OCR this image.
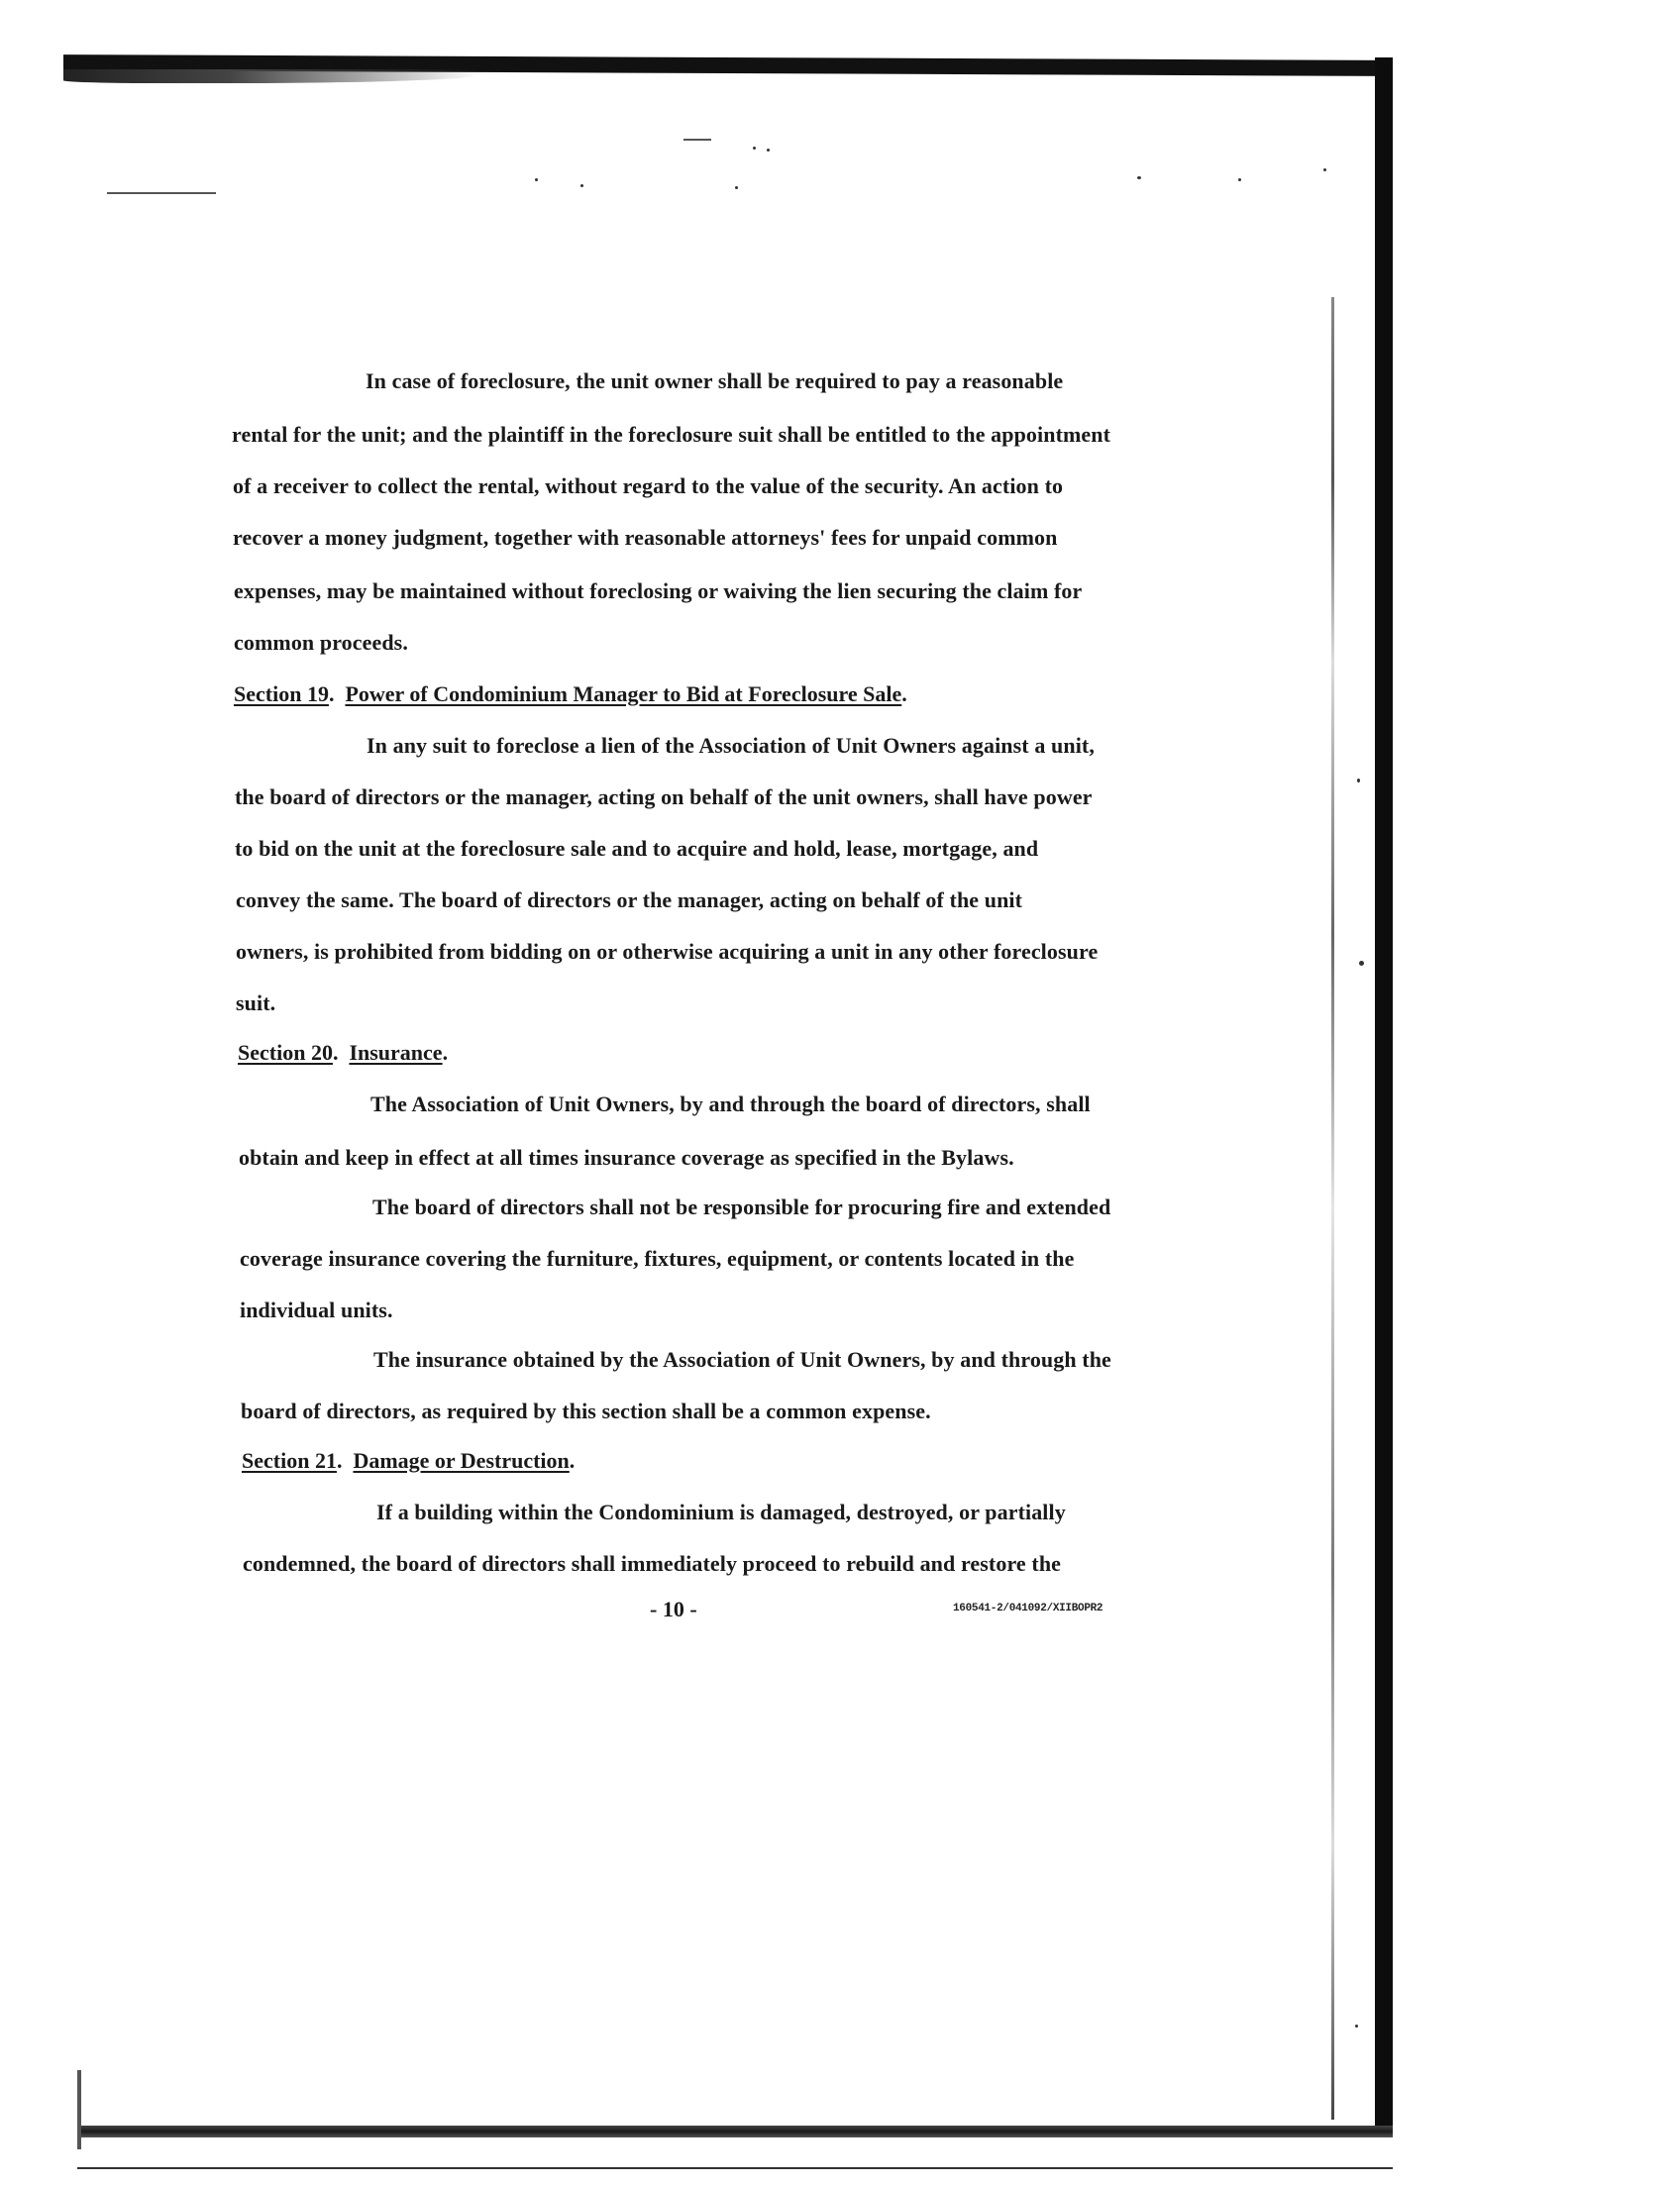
In case of foreclosure, the unit owner shall be required to pay a reasonable
rental for the unit; and the plaintiff in the foreclosure suit shall be entitled to the appointment
of a receiver to collect the rental, without regard to the value of the security. An action to
recover a money judgment, together with reasonable attorneys' fees for unpaid common
expenses, may be maintained without foreclosing or waiving the lien securing the claim for
common proceeds.
Section 19.  Power of Condominium Manager to Bid at Foreclosure Sale.
In any suit to foreclose a lien of the Association of Unit Owners against a unit,
the board of directors or the manager, acting on behalf of the unit owners, shall have power
to bid on the unit at the foreclosure sale and to acquire and hold, lease, mortgage, and
convey the same. The board of directors or the manager, acting on behalf of the unit
owners, is prohibited from bidding on or otherwise acquiring a unit in any other foreclosure
suit.
Section 20.  Insurance.
The Association of Unit Owners, by and through the board of directors, shall
obtain and keep in effect at all times insurance coverage as specified in the Bylaws.
The board of directors shall not be responsible for procuring fire and extended
coverage insurance covering the furniture, fixtures, equipment, or contents located in the
individual units.
The insurance obtained by the Association of Unit Owners, by and through the
board of directors, as required by this section shall be a common expense.
Section 21.  Damage or Destruction.
If a building within the Condominium is damaged, destroyed, or partially
condemned, the board of directors shall immediately proceed to rebuild and restore the
- 10 -	160541-2/041092/XIIBOPR2
